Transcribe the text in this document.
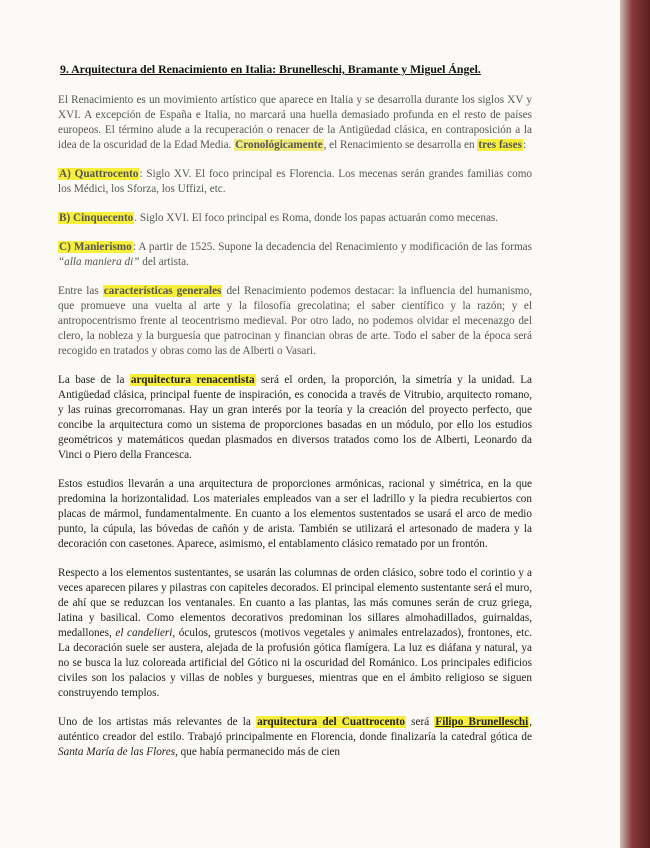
9. Arquitectura del Renacimiento en Italia: Brunelleschi, Bramante y Miguel Ángel.

El Renacimiento es un movimiento artístico que aparece en Italia y se desarrolla durante los siglos XV y XVI. A excepción de España e Italia, no marcará una huella demasiado profunda en el resto de países europeos. El término alude a la recuperación o renacer de la Antigüedad clásica, en contraposición a la idea de la oscuridad de la Edad Media. Cronológicamente, el Renacimiento se desarrolla en tres fases:

A) Quattrocento: Siglo XV. El foco principal es Florencia. Los mecenas serán grandes familias como los Médici, los Sforza, los Uffizi, etc.

B) Cinquecento. Siglo XVI. El foco principal es Roma, donde los papas actuarán como mecenas.

C) Manierismo: A partir de 1525. Supone la decadencia del Renacimiento y modificación de las formas “alla maniera di” del artista.

Entre las características generales del Renacimiento podemos destacar: la influencia del humanismo, que promueve una vuelta al arte y la filosofía grecolatina; el saber científico y la razón; y el antropocentrismo frente al teocentrismo medieval. Por otro lado, no podemos olvidar el mecenazgo del clero, la nobleza y la burguesía que patrocinan y financian obras de arte. Todo el saber de la época será recogido en tratados y obras como las de Alberti o Vasari.

La base de la arquitectura renacentista será el orden, la proporción, la simetría y la unidad. La Antigüedad clásica, principal fuente de inspiración, es conocida a través de Vitrubio, arquitecto romano, y las ruinas grecorromanas. Hay un gran interés por la teoría y la creación del proyecto perfecto, que concibe la arquitectura como un sistema de proporciones basadas en un módulo, por ello los estudios geométricos y matemáticos quedan plasmados en diversos tratados como los de Alberti, Leonardo da Vinci o Piero della Francesca.

Estos estudios llevarán a una arquitectura de proporciones armónicas, racional y simétrica, en la que predomina la horizontalidad. Los materiales empleados van a ser el ladrillo y la piedra recubiertos con placas de mármol, fundamentalmente. En cuanto a los elementos sustentados se usará el arco de medio punto, la cúpula, las bóvedas de cañón y de arista. También se utilizará el artesonado de madera y la decoración con casetones. Aparece, asimismo, el entablamento clásico rematado por un frontón.

Respecto a los elementos sustentantes, se usarán las columnas de orden clásico, sobre todo el corintio y a veces aparecen pilares y pilastras con capiteles decorados. El principal elemento sustentante será el muro, de ahí que se reduzcan los ventanales. En cuanto a las plantas, las más comunes serán de cruz griega, latina y basilical. Como elementos decorativos predominan los sillares almohadillados, guirnaldas, medallones, el candelieri, óculos, grutescos (motivos vegetales y animales entrelazados), frontones, etc. La decoración suele ser austera, alejada de la profusión gótica flamígera. La luz es diáfana y natural, ya no se busca la luz coloreada artificial del Gótico ni la oscuridad del Románico. Los principales edificios civiles son los palacios y villas de nobles y burgueses, mientras que en el ámbito religioso se siguen construyendo templos.

Uno de los artistas más relevantes de la arquitectura del Cuattrocento será Filipo Brunelleschi, auténtico creador del estilo. Trabajó principalmente en Florencia, donde finalizaría la catedral gótica de Santa María de las Flores, que había permanecido más de cien
